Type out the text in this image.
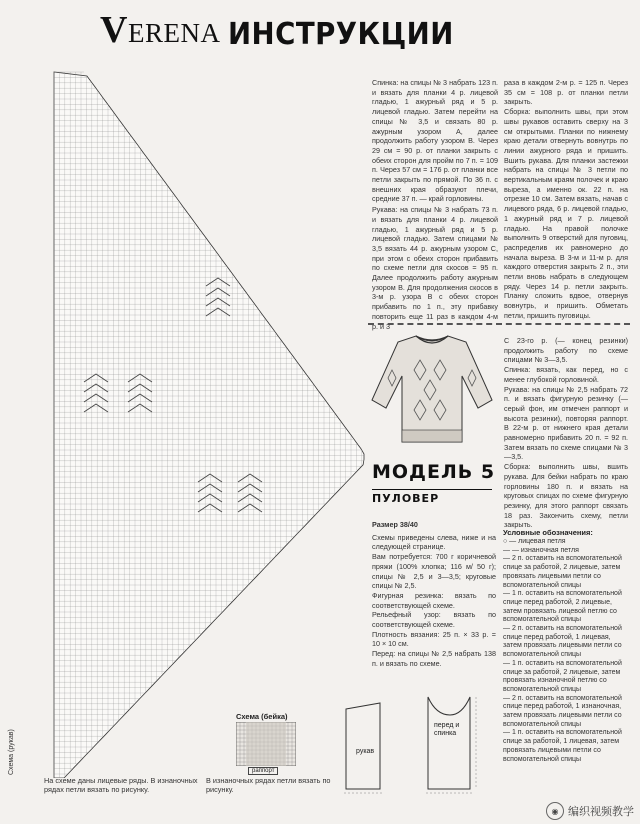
VERENA ИНСТРУКЦИИ
Схема (рукав)
На схеме даны лицевые ряды. В изнаночных рядах петли вязать по рисунку.
Схема (бейка)
раппорт
В изнаночных рядах петли вязать по рисунку.

Спинка: на спицы № 3 набрать 123 п. и вязать для планки 4 р. лицевой гладью, 1 ажурный ряд и 5 р. лицевой гладью. Затем перейти на спицы № 3,5 и связать 80 р. ажурным узором А, далее продолжить работу узором В. Через 29 см = 90 р. от планки закрыть с обеих сторон для пройм по 7 п. = 109 п. Через 57 см = 176 р. от планки все петли закрыть по прямой. По 36 п. с внешних края образуют плечи, средние 37 п. — край горловины.

Рукава: на спицы № 3 набрать 73 п. и вязать для планки 4 р. лицевой гладью, 1 ажурный ряд и 5 р. лицевой гладью. Затем спицами № 3,5 вязать 44 р. ажурным узором С, при этом с обеих сторон прибавить по схеме петли для скосов = 95 п. Далее продолжить работу ажурным узором В. Для продолжения скосов в 3-м р. узора В с обеих сторон прибавить по 1 п., эту прибавку повторить еще 11 раз в каждом 4-м р. и 3

раза в каждом 2-м р. = 125 п. Через 35 см = 108 р. от планки петли закрыть.

Сборка: выполнить швы, при этом швы рукавов оставить сверху на 3 см открытыми. Планки по нижнему краю детали отвернуть вовнутрь по линии ажурного ряда и пришить. Вшить рукава. Для планки застежки набрать на спицы № 3 петли по вертикальным краям полочек и краю выреза, а именно ок. 22 п. на отрезке 10 см. Затем вязать, начав с лицевого ряда, 6 р. лицевой гладью, 1 ажурный ряд и 7 р. лицевой гладью. На правой полочке выполнить 9 отверстий для пуговиц, распределив их равномерно до начала выреза. В 3-м и 11-м р. для каждого отверстия закрыть 2 п., эти петли вновь набрать в следующем ряду. Через 14 р. петли закрыть. Планку сложить вдвое, отвернув вовнутрь, и пришить. Обметать петли, пришить пуговицы.

С 23-го р. (— конец резинки) продолжить работу по схеме спицами № 3—3,5.

Спинка: вязать, как перед, но с менее глубокой горловиной.

Рукава: на спицы № 2,5 набрать 72 п. и вязать фигурную резинку (— серый фон, им отмечен раппорт и высота резинки), повторяя раппорт. В 22-м р. от нижнего края детали равномерно прибавить 20 п. = 92 п. Затем вязать по схеме спицами № 3—3,5.

Сборка: выполнить швы, вшить рукава. Для бейки набрать по краю горловины 180 п. и вязать на круговых спицах по схеме фигурную резинку, для этого раппорт связать 18 раз. Закончить схему, петли закрыть.

МОДЕЛЬ 5
ПУЛОВЕР

Размер 38/40

Схемы приведены слева, ниже и на следующей странице.

Вам потребуется: 700 г коричневой пряжи (100% хлопка; 116 м/ 50 г); спицы № 2,5 и 3—3,5; круговые спицы № 2,5.

Фигурная резинка: вязать по соответствующей схеме.

Рельефный узор: вязать по соответствующей схеме.

Плотность вязания: 25 п. × 33 р. = 10 × 10 см.

Перед: на спицы № 2,5 набрать 138 п. и вязать по схеме.

Условные обозначения:
○ — лицевая петля
— — изнаночная петля
— 2 п. оставить на вспомогательной спице за работой, 2 лицевые, затем провязать лицевыми петли со вспомогательной спицы
— 1 п. оставить на вспомогательной спице перед работой, 2 лицевые, затем провязать лицевой петлю со вспомогательной спицы
— 2 п. оставить на вспомогательной спице перед работой, 1 лицевая, затем провязать лицевыми петли со вспомогательной спицы
— 1 п. оставить на вспомогательной спице за работой, 2 лицевые, затем провязать изнаночной петлю со вспомогательной спицы
— 2 п. оставить на вспомогательной спице перед работой, 1 изнаночная, затем провязать лицевыми петли со вспомогательной спицы
— 1 п. оставить на вспомогательной спице за работой, 1 лицевая, затем провязать лицевыми петли со вспомогательной спицы
рукав
перед и спинка
◉ 编织视频教学
